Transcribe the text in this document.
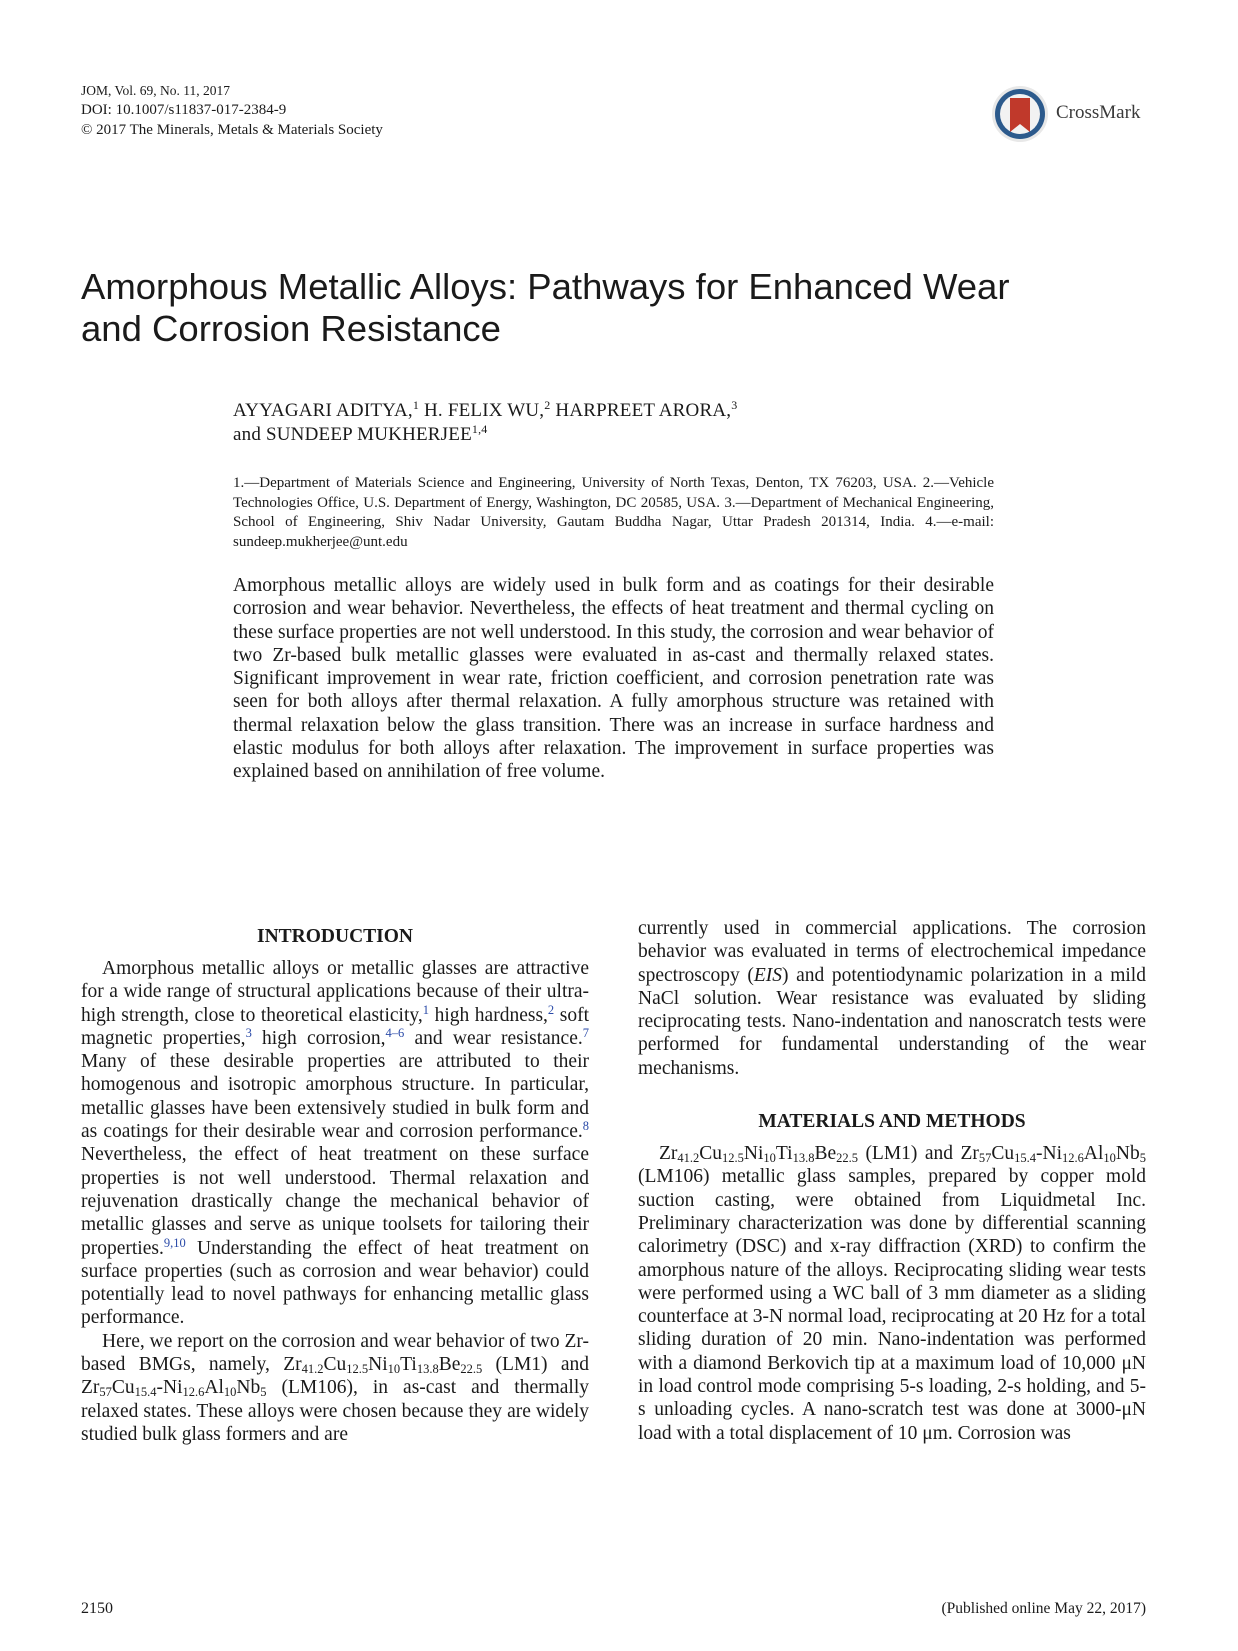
JOM, Vol. 69, No. 11, 2017
DOI: 10.1007/s11837-017-2384-9
© 2017 The Minerals, Metals & Materials Society
CrossMark
Amorphous Metallic Alloys: Pathways for Enhanced Wear
and Corrosion Resistance
AYYAGARI ADITYA,$^1$ H. FELIX WU,$^2$ HARPREET ARORA,$^3$
and SUNDEEP MUKHERJEE$^{1,4}$
1.—Department of Materials Science and Engineering, University of North Texas, Denton, TX 76203, USA. 2.—Vehicle Technologies Office, U.S. Department of Energy, Washington, DC 20585, USA. 3.—Department of Mechanical Engineering, School of Engineering, Shiv Nadar University, Gautam Buddha Nagar, Uttar Pradesh 201314, India. 4.—e-mail: sundeep.mukherjee@unt.edu
Amorphous metallic alloys are widely used in bulk form and as coatings for their desirable corrosion and wear behavior. Nevertheless, the effects of heat treatment and thermal cycling on these surface properties are not well understood. In this study, the corrosion and wear behavior of two Zr-based bulk metallic glasses were evaluated in as-cast and thermally relaxed states. Significant improvement in wear rate, friction coefficient, and corrosion penetration rate was seen for both alloys after thermal relaxation. A fully amorphous structure was retained with thermal relaxation below the glass transition. There was an increase in surface hardness and elastic modulus for both alloys after relaxation. The improvement in surface properties was explained based on annihilation of free volume.
INTRODUCTION

Amorphous metallic alloys or metallic glasses are attractive for a wide range of structural applications because of their ultra-high strength, close to theoretical elasticity,$^1$ high hardness,$^2$ soft magnetic properties,$^3$ high corrosion,$^{4-6}$ and wear resistance.$^7$ Many of these desirable properties are attributed to their homogenous and isotropic amorphous structure. In particular, metallic glasses have been extensively studied in bulk form and as coatings for their desirable wear and corrosion performance.$^8$ Nevertheless, the effect of heat treatment on these surface properties is not well understood. Thermal relaxation and rejuvenation drastically change the mechanical behavior of metallic glasses and serve as unique toolsets for tailoring their properties.$^{9,10}$ Understanding the effect of heat treatment on surface properties (such as corrosion and wear behavior) could potentially lead to novel pathways for enhancing metallic glass performance.

Here, we report on the corrosion and wear behavior of two Zr-based BMGs, namely, $Zr_{41.2}Cu_{12.5}Ni_{10}Ti_{13.8}Be_{22.5}$ (LM1) and $Zr_{57}Cu_{15.4}-Ni_{12.6}Al_{10}Nb_5$ (LM106), in as-cast and thermally relaxed states. These alloys were chosen because they are widely studied bulk glass formers and are

currently used in commercial applications. The corrosion behavior was evaluated in terms of electrochemical impedance spectroscopy (EIS) and potentiodynamic polarization in a mild NaCl solution. Wear resistance was evaluated by sliding reciprocating tests. Nano-indentation and nanoscratch tests were performed for fundamental understanding of the wear mechanisms.

MATERIALS AND METHODS

$Zr_{41.2}Cu_{12.5}Ni_{10}Ti_{13.8}Be_{22.5}$ (LM1) and $Zr_{57}Cu_{15.4}-Ni_{12.6}Al_{10}Nb_5$ (LM106) metallic glass samples, prepared by copper mold suction casting, were obtained from Liquidmetal Inc. Preliminary characterization was done by differential scanning calorimetry (DSC) and x-ray diffraction (XRD) to confirm the amorphous nature of the alloys. Reciprocating sliding wear tests were performed using a WC ball of 3 mm diameter as a sliding counterface at 3-N normal load, reciprocating at 20 Hz for a total sliding duration of 20 min. Nano-indentation was performed with a diamond Berkovich tip at a maximum load of 10,000 μN in load control mode comprising 5-s loading, 2-s holding, and 5-s unloading cycles. A nano-scratch test was done at 3000-μN load with a total displacement of 10 μm. Corrosion was

2150	(Published online May 22, 2017)
